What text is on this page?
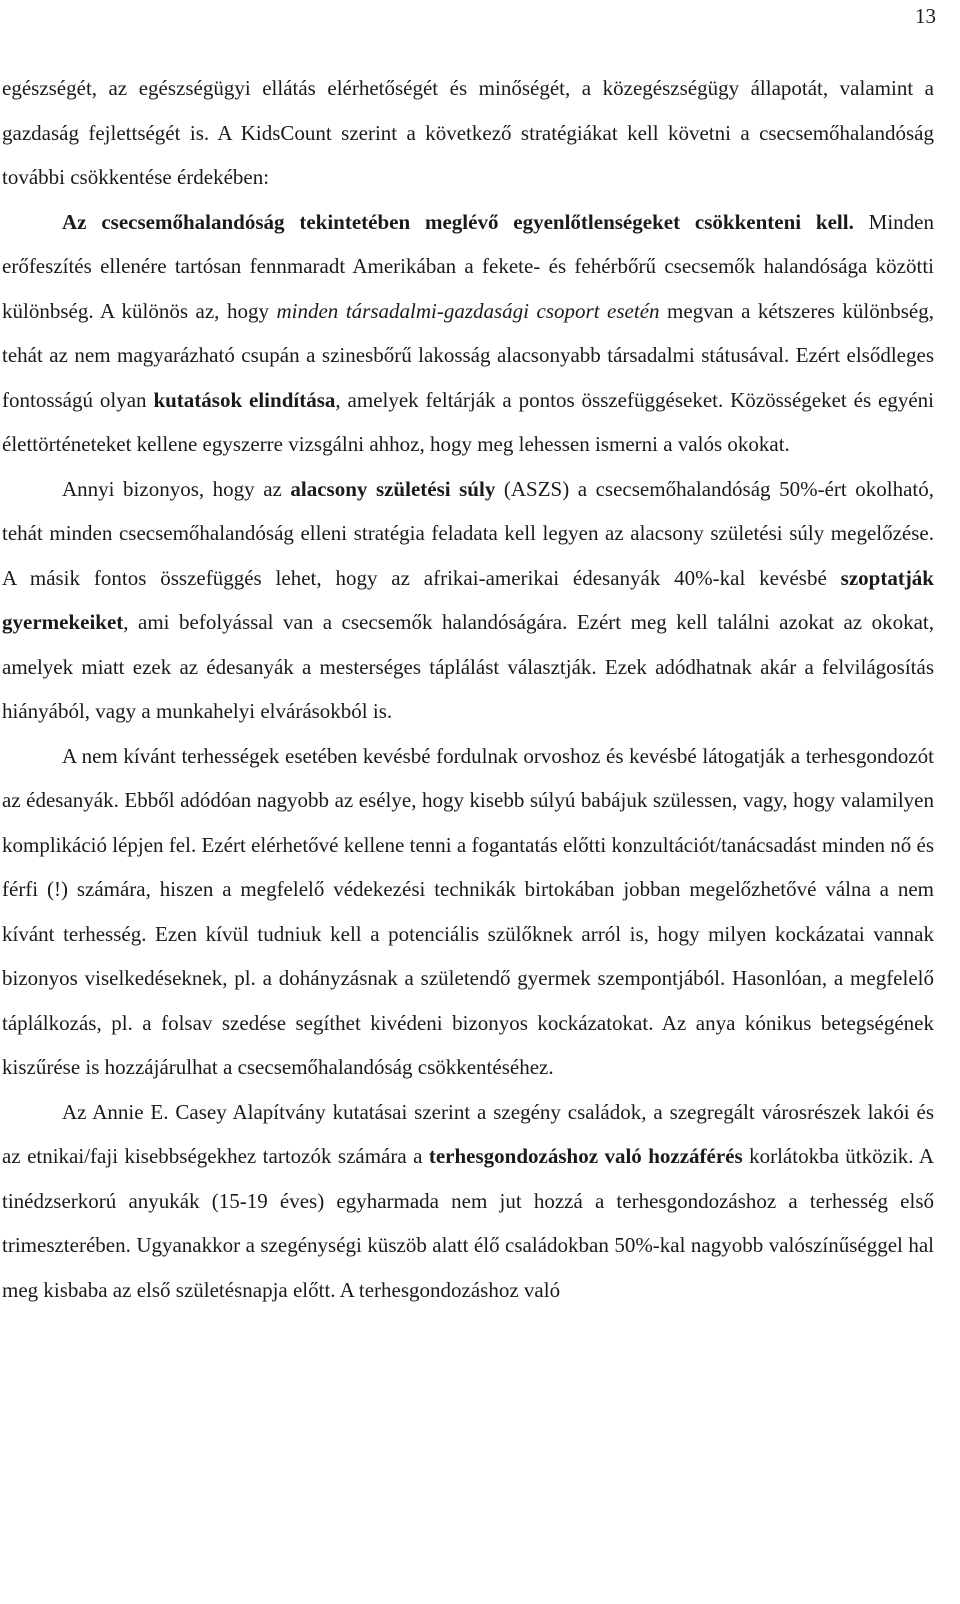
13

egészségét, az egészségügyi ellátás elérhetőségét és minőségét, a közegészségügy állapotát, valamint a gazdaság fejlettségét is. A KidsCount szerint a következő stratégiákat kell követni a csecsemőhalandóság további csökkentése érdekében:

Az csecsemőhalandóság tekintetében meglévő egyenlőtlenségeket csökkenteni kell. Minden erőfeszítés ellenére tartósan fennmaradt Amerikában a fekete- és fehérbőrű csecsemők halandósága közötti különbség. A különös az, hogy minden társadalmi-gazdasági csoport esetén megvan a kétszeres különbség, tehát az nem magyarázható csupán a szinesbőrű lakosság alacsonyabb társadalmi státusával. Ezért elsődleges fontosságú olyan kutatások elindítása, amelyek feltárják a pontos összefüggéseket. Közösségeket és egyéni élettörténeteket kellene egyszerre vizsgálni ahhoz, hogy meg lehessen ismerni a valós okokat.

Annyi bizonyos, hogy az alacsony születési súly (ASZS) a csecsemőhalandóság 50%-ért okolható, tehát minden csecsemőhalandóság elleni stratégia feladata kell legyen az alacsony születési súly megelőzése. A másik fontos összefüggés lehet, hogy az afrikai-amerikai édesanyák 40%-kal kevésbé szoptatják gyermekeiket, ami befolyással van a csecsemők halandóságára. Ezért meg kell találni azokat az okokat, amelyek miatt ezek az édesanyák a mesterséges táplálást választják. Ezek adódhatnak akár a felvilágosítás hiányából, vagy a munkahelyi elvárásokból is.

A nem kívánt terhességek esetében kevésbé fordulnak orvoshoz és kevésbé látogatják a terhesgondozót az édesanyák. Ebből adódóan nagyobb az esélye, hogy kisebb súlyú babájuk szülessen, vagy, hogy valamilyen komplikáció lépjen fel. Ezért elérhetővé kellene tenni a fogantatás előtti konzultációt/tanácsadást minden nő és férfi (!) számára, hiszen a megfelelő védekezési technikák birtokában jobban megelőzhetővé válna a nem kívánt terhesség. Ezen kívül tudniuk kell a potenciális szülőknek arról is, hogy milyen kockázatai vannak bizonyos viselkedéseknek, pl. a dohányzásnak a születendő gyermek szempontjából. Hasonlóan, a megfelelő táplálkozás, pl. a folsav szedése segíthet kivédeni bizonyos kockázatokat. Az anya kónikus betegségének kiszűrése is hozzájárulhat a csecsemőhalandóság csökkentéséhez.

Az Annie E. Casey Alapítvány kutatásai szerint a szegény családok, a szegregált városrészek lakói és az etnikai/faji kisebbségekhez tartozók számára a terhesgondozáshoz való hozzáférés korlátokba ütközik. A tinédzserkorú anyukák (15-19 éves) egyharmada nem jut hozzá a terhesgondozáshoz a terhesség első trimeszterében. Ugyanakkor a szegénységi küszöb alatt élő családokban 50%-kal nagyobb valószínűséggel hal meg kisbaba az első születésnapja előtt. A terhesgondozáshoz való
